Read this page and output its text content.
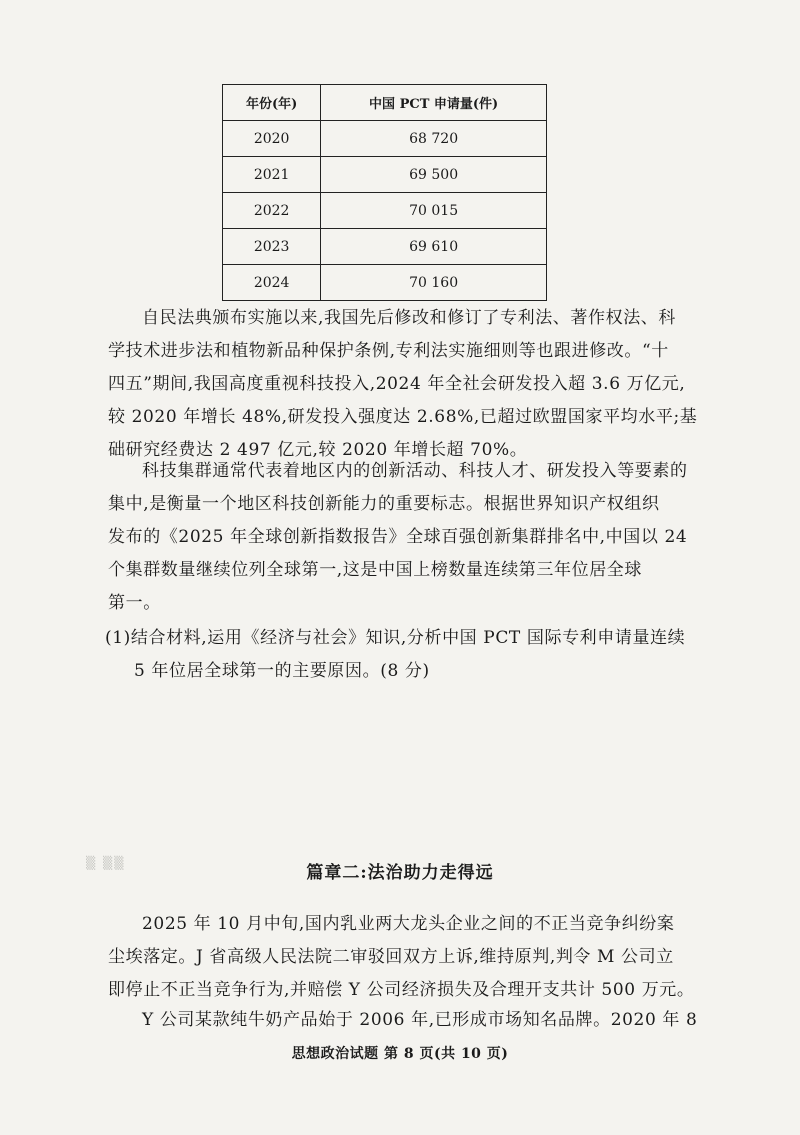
年份(年)	中国 PCT 申请量(件)
2020	68 720
2021	69 500
2022	70 015
2023	69 610
2024	70 160

自民法典颁布实施以来,我国先后修改和修订了专利法、著作权法、科
学技术进步法和植物新品种保护条例,专利法实施细则等也跟进修改。“十
四五”期间,我国高度重视科技投入,2024 年全社会研发投入超 3.6 万亿元,
较 2020 年增长 48%,研发投入强度达 2.68%,已超过欧盟国家平均水平;基
础研究经费达 2 497 亿元,较 2020 年增长超 70%。

科技集群通常代表着地区内的创新活动、科技人才、研发投入等要素的
集中,是衡量一个地区科技创新能力的重要标志。根据世界知识产权组织
发布的《2025 年全球创新指数报告》全球百强创新集群排名中,中国以 24
个集群数量继续位列全球第一,这是中国上榜数量连续第三年位居全球
第一。

(1)结合材料,运用《经济与社会》知识,分析中国 PCT 国际专利申请量连续
5 年位居全球第一的主要原因。(8 分)

▒ ▒▒	篇章二:法治助力走得远

2025 年 10 月中旬,国内乳业两大龙头企业之间的不正当竞争纠纷案
尘埃落定。J 省高级人民法院二审驳回双方上诉,维持原判,判令 M 公司立
即停止不正当竞争行为,并赔偿 Y 公司经济损失及合理开支共计 500 万元。

Y 公司某款纯牛奶产品始于 2006 年,已形成市场知名品牌。2020 年 8

思想政治试题 第 8 页(共 10 页)
